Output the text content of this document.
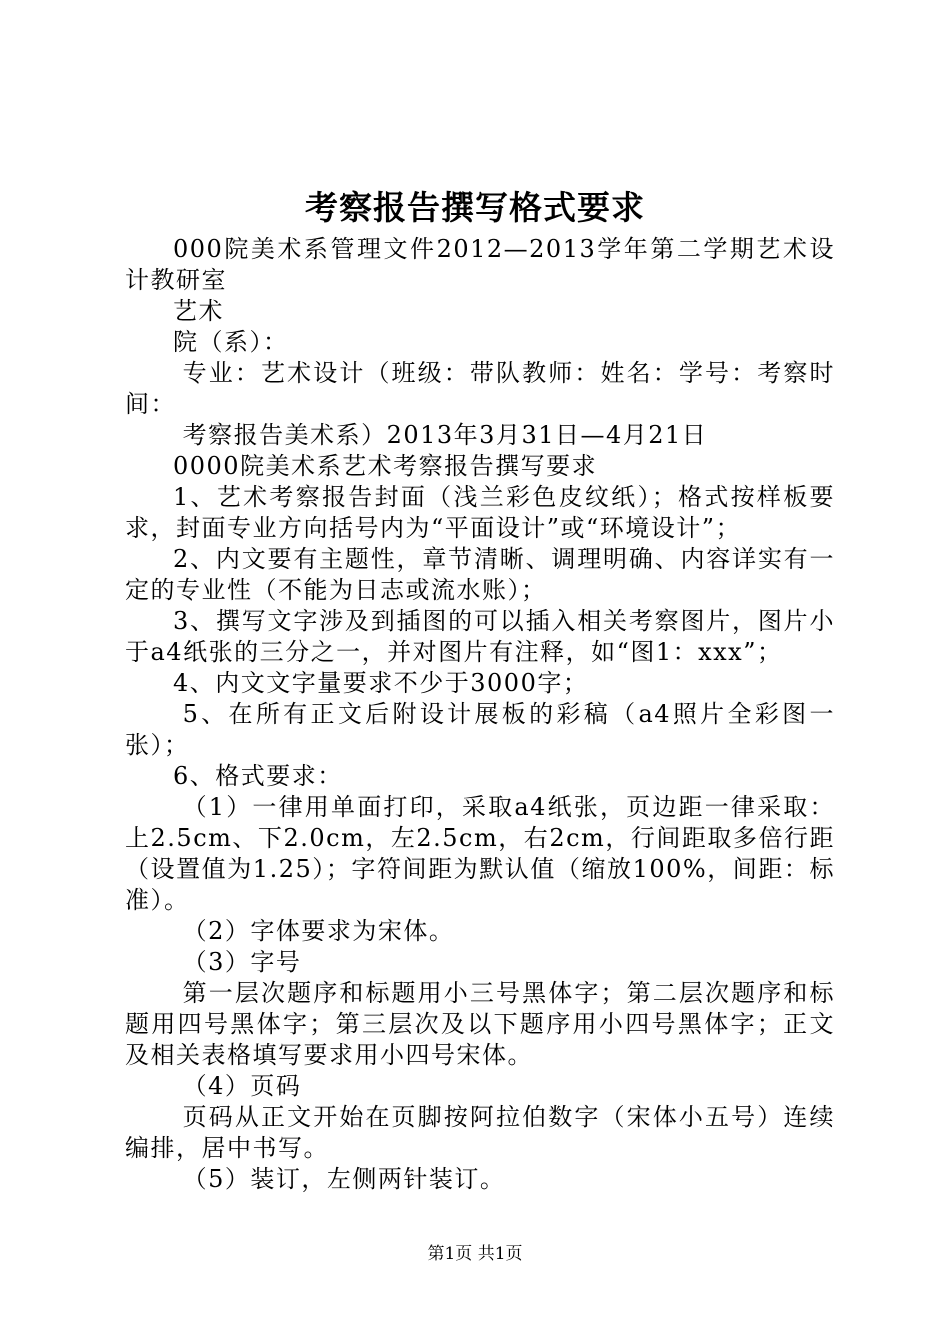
考察报告撰写格式要求

000院美术系管理文件2012—2013学年第二学期艺术设计教研室

艺术

院（系）：

专业：艺术设计（班级：带队教师：姓名：学号：考察时间：

考察报告美术系）2013年3月31日—4月21日

0000院美术系艺术考察报告撰写要求

1、艺术考察报告封面（浅兰彩色皮纹纸）；格式按样板要求，封面专业方向括号内为“平面设计”或“环境设计”；

2、内文要有主题性，章节清晰、调理明确、内容详实有一定的专业性（不能为日志或流水账）；

3、撰写文字涉及到插图的可以插入相关考察图片，图片小于a4纸张的三分之一，并对图片有注释，如“图1：xxx”；

4、内文文字量要求不少于3000字；

5、在所有正文后附设计展板的彩稿（a4照片全彩图一张）；

6、格式要求：

（1）一律用单面打印，采取a4纸张，页边距一律采取：上2.5cm、下2.0cm，左2.5cm，右2cm，行间距取多倍行距（设置值为1.25）；字符间距为默认值（缩放100%，间距：标准）。

（2）字体要求为宋体。

（3）字号

第一层次题序和标题用小三号黑体字；第二层次题序和标题用四号黑体字；第三层次及以下题序用小四号黑体字；正文及相关表格填写要求用小四号宋体。

（4）页码

页码从正文开始在页脚按阿拉伯数字（宋体小五号）连续编排，居中书写。

（5）装订，左侧两针装订。

第1页 共1页
